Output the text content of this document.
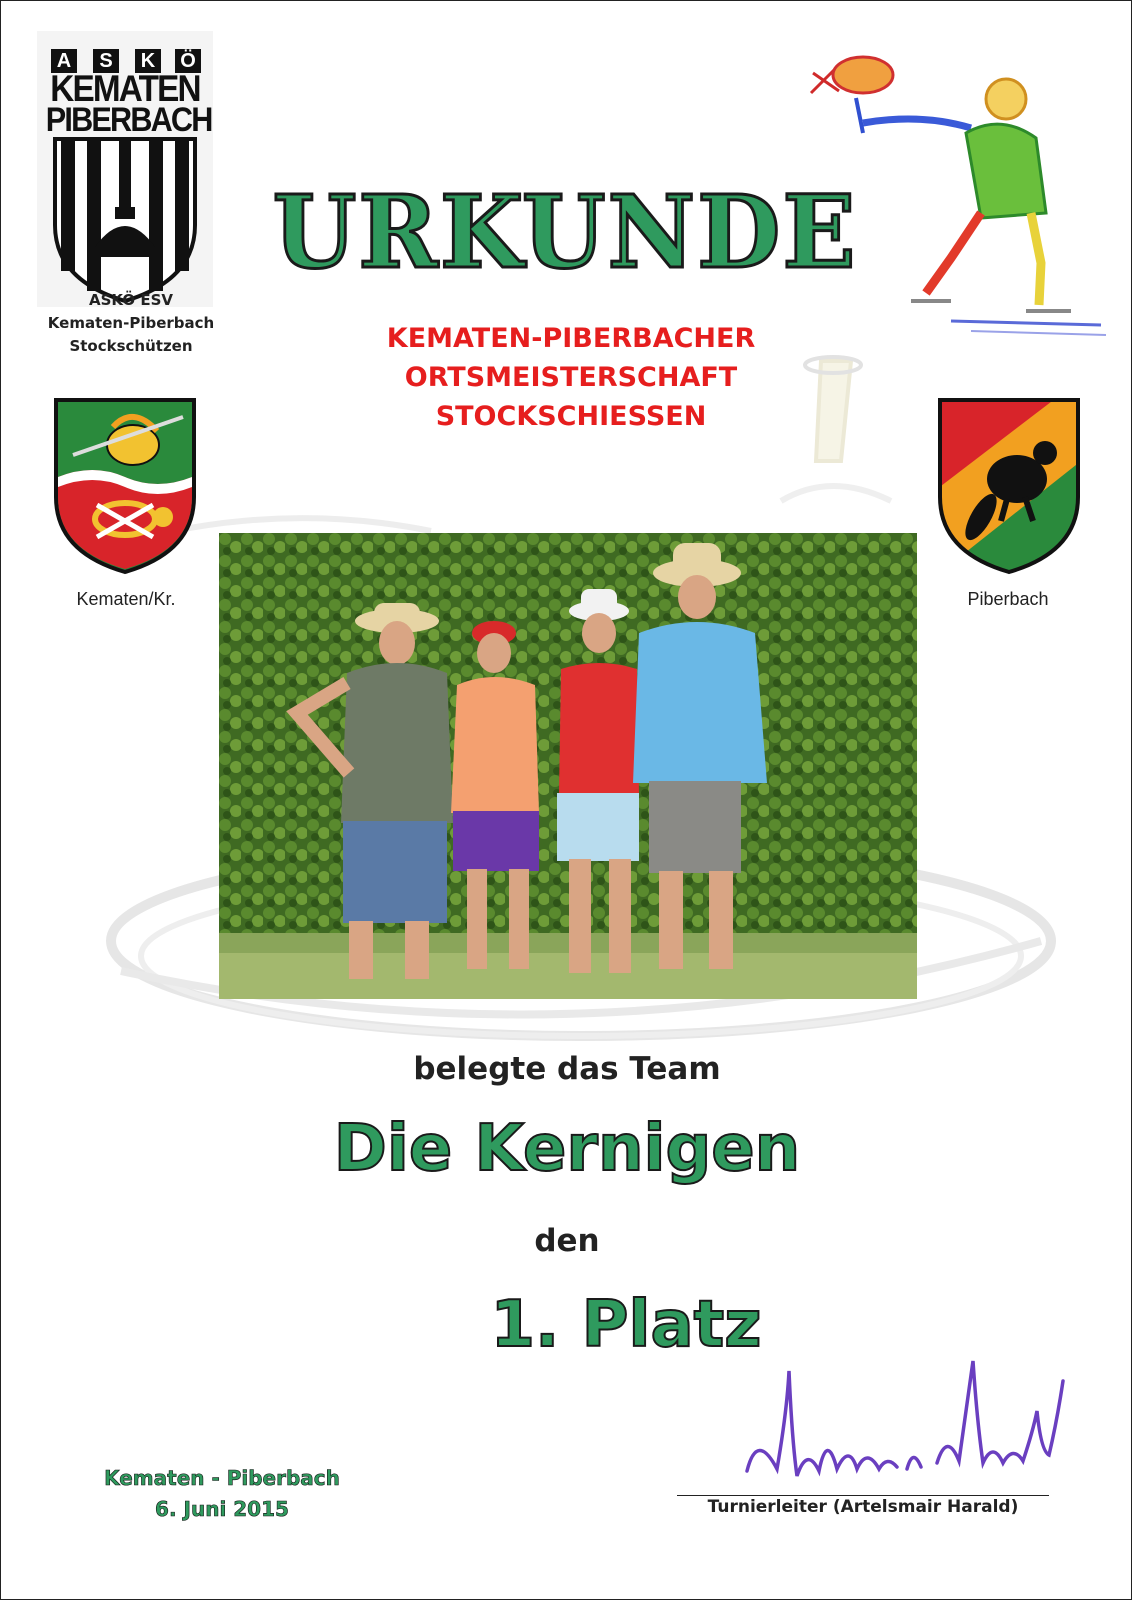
A	S	K Ö
KEMATEN
PIBERBACH
ASKÖ ESV
Kematen-Piberbach
Stockschützen
URKUNDE
KEMATEN-PIBERBACHER
ORTSMEISTERSCHAFT
STOCKSCHIESSEN
Kematen/Kr.	Piberbach
belegte das Team
Die Kernigen
den
1. Platz
Kematen - Piberbach
6. Juni 2015	Turnierleiter (Artelsmair Harald)
